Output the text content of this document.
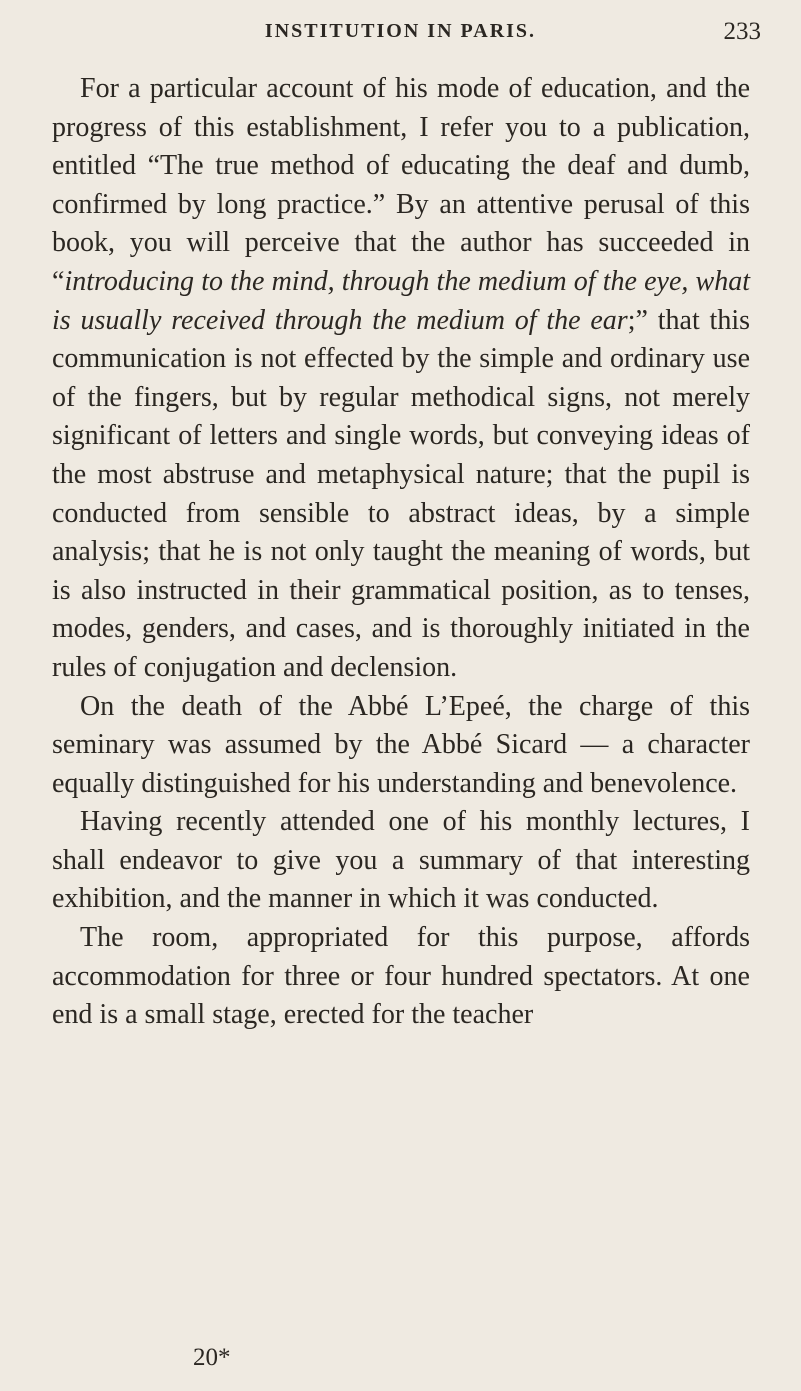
INSTITUTION IN PARIS.	233

For a particular account of his mode of education, and the progress of this establishment, I refer you to a publication, entitled “The true method of educating the deaf and dumb, confirmed by long practice.” By an attentive perusal of this book, you will perceive that the author has succeeded in “introducing to the mind, through the medium of the eye, what is usually received through the medium of the ear;” that this communication is not effected by the simple and ordinary use of the fingers, but by regular methodical signs, not merely significant of letters and single words, but conveying ideas of the most abstruse and metaphysical nature; that the pupil is conducted from sensible to abstract ideas, by a simple analysis; that he is not only taught the meaning of words, but is also instructed in their grammatical position, as to tenses, modes, genders, and cases, and is thoroughly initiated in the rules of conjugation and declension.

On the death of the Abbé L’Epeé, the charge of this seminary was assumed by the Abbé Sicard — a character equally distinguished for his understanding and benevolence.

Having recently attended one of his monthly lectures, I shall endeavor to give you a summary of that interesting exhibition, and the manner in which it was conducted.

The room, appropriated for this purpose, affords accommodation for three or four hundred spectators. At one end is a small stage, erected for the teacher

20*
